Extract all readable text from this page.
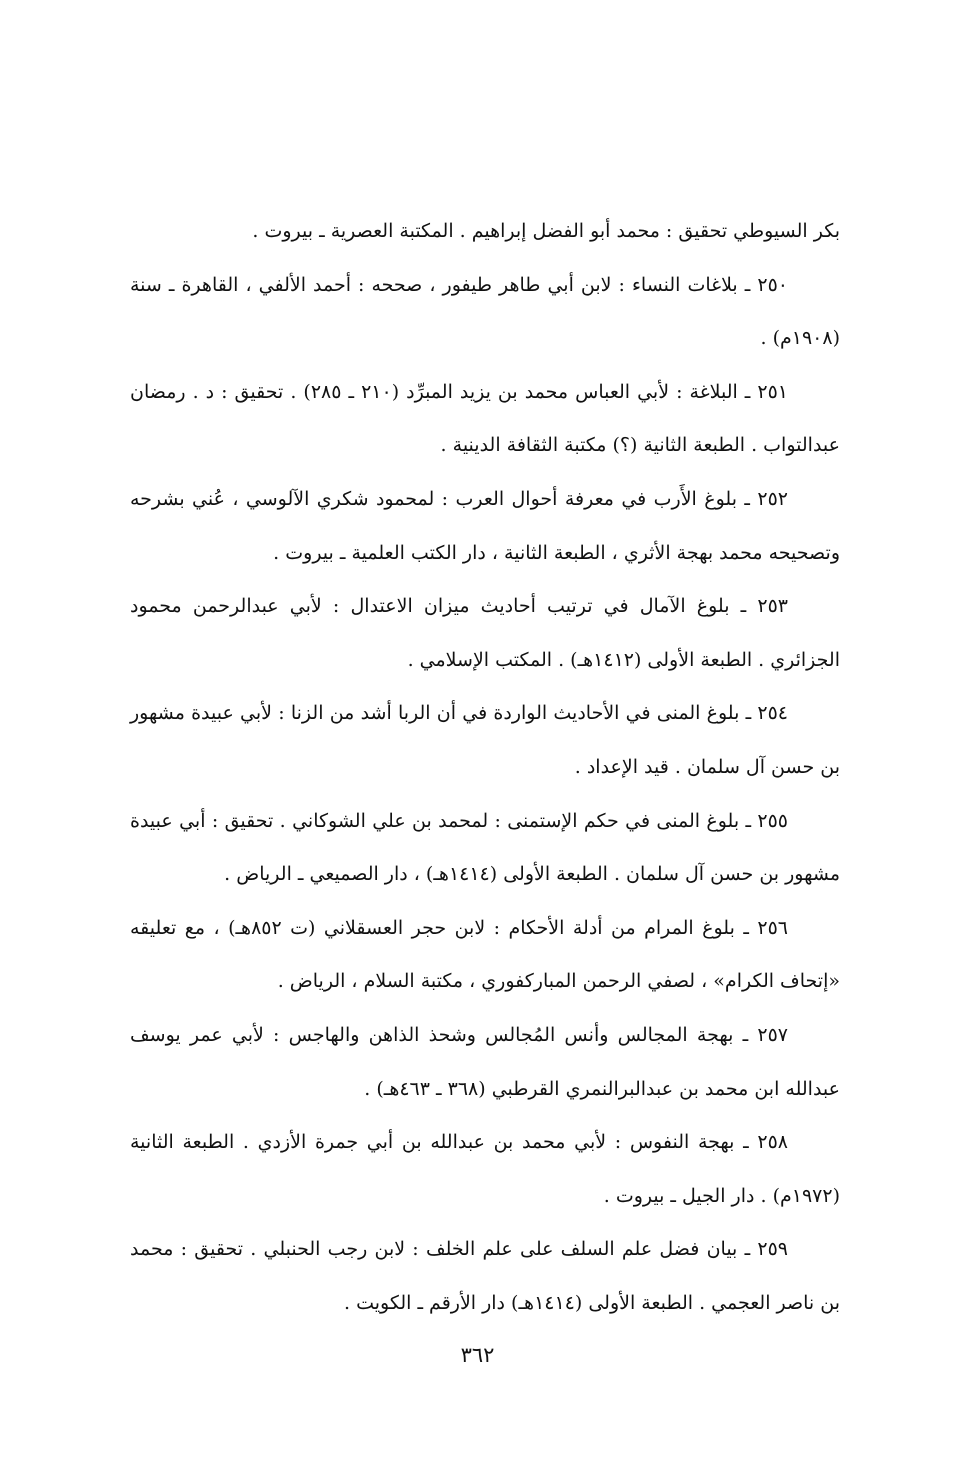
بكر السيوطي تحقيق : محمد أبو الفضل إبراهيم . المكتبة العصرية ـ بيروت .

٢٥٠ ـ بلاغات النساء : لابن أبي طاهر طيفور ، صححه : أحمد الألفي ، القاهرة ـ سنة (١٩٠٨م) .

٢٥١ ـ البلاغة : لأبي العباس محمد بن يزيد المبرِّد (٢١٠ ـ ٢٨٥) . تحقيق : د . رمضان عبدالتواب . الطبعة الثانية (؟) مكتبة الثقافة الدينية .

٢٥٢ ـ بلوغ الأَرب في معرفة أحوال العرب : لمحمود شكري الآلوسي ، عُني بشرحه وتصحيحه محمد بهجة الأثري ، الطبعة الثانية ، دار الكتب العلمية ـ بيروت .

٢٥٣ ـ بلوغ الآمال في ترتيب أحاديث ميزان الاعتدال : لأبي عبدالرحمن محمود الجزائري . الطبعة الأولى (١٤١٢هـ) . المكتب الإسلامي .

٢٥٤ ـ بلوغ المنى في الأحاديث الواردة في أن الربا أشد من الزنا : لأبي عبيدة مشهور بن حسن آل سلمان . قيد الإعداد .

٢٥٥ ـ بلوغ المنى في حكم الإستمنى : لمحمد بن علي الشوكاني . تحقيق : أبي عبيدة مشهور بن حسن آل سلمان . الطبعة الأولى (١٤١٤هـ) ، دار الصميعي ـ الرياض .

٢٥٦ ـ بلوغ المرام من أدلة الأحكام : لابن حجر العسقلاني (ت ٨٥٢هـ) ، مع تعليقه «إتحاف الكرام» ، لصفي الرحمن المباركفوري ، مكتبة السلام ، الرياض .

٢٥٧ ـ بهجة المجالس وأنس المُجالس وشحذ الذاهن والهاجس : لأبي عمر يوسف عبدالله ابن محمد بن عبدالبرالنمري القرطبي (٣٦٨ ـ ٤٦٣هـ) .

٢٥٨ ـ بهجة النفوس : لأبي محمد بن عبدالله بن أبي جمرة الأزدي . الطبعة الثانية (١٩٧٢م) . دار الجيل ـ بيروت .

٢٥٩ ـ بيان فضل علم السلف على علم الخلف : لابن رجب الحنبلي . تحقيق : محمد بن ناصر العجمي . الطبعة الأولى (١٤١٤هـ) دار الأرقم ـ الكويت .

٣٦٢
